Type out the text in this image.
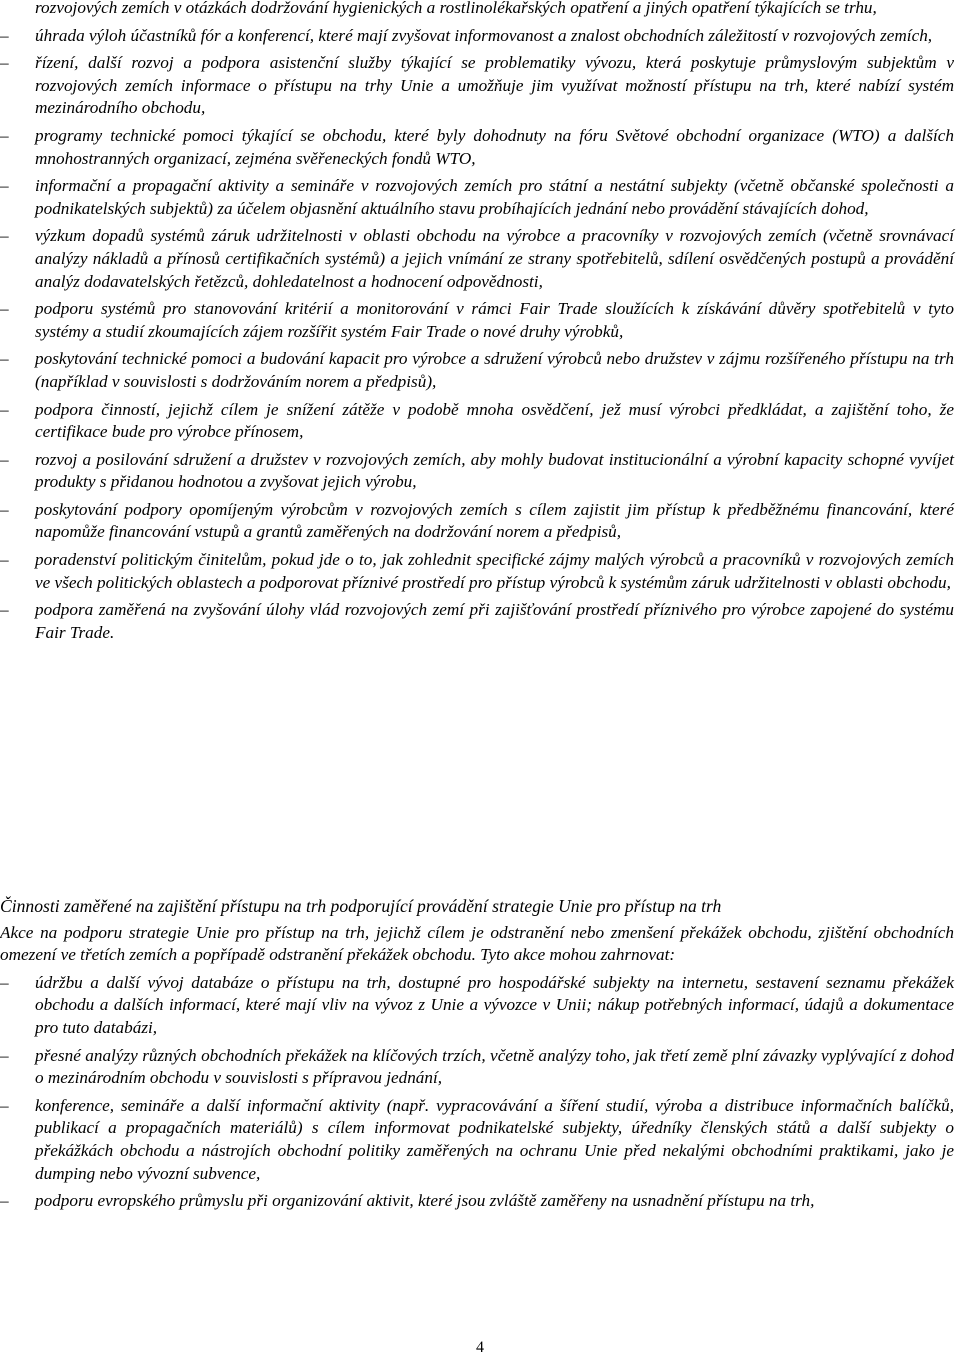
rozvojových zemích v otázkách dodržování hygienických a rostlinolékařských opatření a jiných opatření týkajících se trhu,
–	úhrada výloh účastníků fór a konferencí, které mají zvyšovat informovanost a znalost obchodních záležitostí v rozvojových zemích,
–	řízení, další rozvoj a podpora asistenční služby týkající se problematiky vývozu, která poskytuje průmyslovým subjektům v rozvojových zemích informace o přístupu na trhy Unie a umožňuje jim využívat možností přístupu na trh, které nabízí systém mezinárodního obchodu,
–	programy technické pomoci týkající se obchodu, které byly dohodnuty na fóru Světové obchodní organizace (WTO) a dalších mnohostranných organizací, zejména svěřeneckých fondů WTO,
–	informační a propagační aktivity a semináře v rozvojových zemích pro státní a nestátní subjekty (včetně občanské společnosti a podnikatelských subjektů) za účelem objasnění aktuálního stavu probíhajících jednání nebo provádění stávajících dohod,
–	výzkum dopadů systémů záruk udržitelnosti v oblasti obchodu na výrobce a pracovníky v rozvojových zemích (včetně srovnávací analýzy nákladů a přínosů certifikačních systémů) a jejich vnímání ze strany spotřebitelů, sdílení osvědčených postupů a provádění analýz dodavatelských řetězců, dohledatelnost a hodnocení odpovědnosti,
–	podporu systémů pro stanovování kritérií a monitorování v rámci Fair Trade sloužících k získávání důvěry spotřebitelů v tyto systémy a studií zkoumajících zájem rozšířit systém Fair Trade o nové druhy výrobků,
–	poskytování technické pomoci a budování kapacit pro výrobce a sdružení výrobců nebo družstev v zájmu rozšířeného přístupu na trh (například v souvislosti s dodržováním norem a předpisů),
–	podpora činností, jejichž cílem je snížení zátěže v podobě mnoha osvědčení, jež musí výrobci předkládat, a zajištění toho, že certifikace bude pro výrobce přínosem,
–	rozvoj a posilování sdružení a družstev v rozvojových zemích, aby mohly budovat institucionální a výrobní kapacity schopné vyvíjet produkty s přidanou hodnotou a zvyšovat jejich výrobu,
–	poskytování podpory opomíjeným výrobcům v rozvojových zemích s cílem zajistit jim přístup k předběžnému financování, které napomůže financování vstupů a grantů zaměřených na dodržování norem a předpisů,
–	poradenství politickým činitelům, pokud jde o to, jak zohlednit specifické zájmy malých výrobců a pracovníků v rozvojových zemích ve všech politických oblastech a podporovat příznivé prostředí pro přístup výrobců k systémům záruk udržitelnosti v oblasti obchodu,
–	podpora zaměřená na zvyšování úlohy vlád rozvojových zemí při zajišťování prostředí příznivého pro výrobce zapojené do systému Fair Trade.
Činnosti zaměřené na zajištění přístupu na trh podporující provádění strategie Unie pro přístup na trh
Akce na podporu strategie Unie pro přístup na trh, jejichž cílem je odstranění nebo zmenšení překážek obchodu, zjištění obchodních omezení ve třetích zemích a popřípadě odstranění překážek obchodu. Tyto akce mohou zahrnovat:
–	údržbu a další vývoj databáze o přístupu na trh, dostupné pro hospodářské subjekty na internetu, sestavení seznamu překážek obchodu a dalších informací, které mají vliv na vývoz z Unie a vývozce v Unii; nákup potřebných informací, údajů a dokumentace pro tuto databázi,
–	přesné analýzy různých obchodních překážek na klíčových trzích, včetně analýzy toho, jak třetí země plní závazky vyplývající z dohod o mezinárodním obchodu v souvislosti s přípravou jednání,
–	konference, semináře a další informační aktivity (např. vypracovávání a šíření studií, výroba a distribuce informačních balíčků, publikací a propagačních materiálů) s cílem informovat podnikatelské subjekty, úředníky členských států a další subjekty o překážkách obchodu a nástrojích obchodní politiky zaměřených na ochranu Unie před nekalými obchodními praktikami, jako je dumping nebo vývozní subvence,
–	podporu evropského průmyslu při organizování aktivit, které jsou zvláště zaměřeny na usnadnění přístupu na trh,
4
